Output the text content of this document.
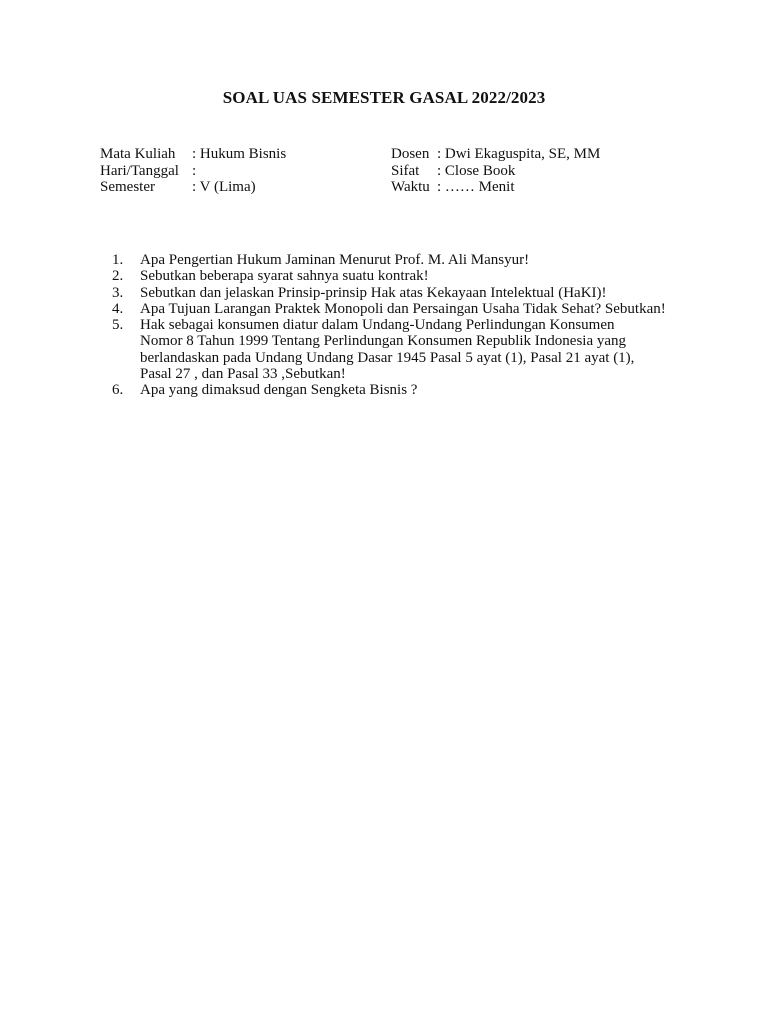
SOAL UAS SEMESTER GASAL 2022/2023
Mata Kuliah : Hukum Bisnis
Hari/Tanggal :
Semester : V (Lima)
Dosen : Dwi Ekaguspita, SE, MM
Sifat : Close Book
Waktu : …… Menit
1.	Apa Pengertian Hukum Jaminan Menurut Prof. M. Ali Mansyur!
2.	Sebutkan beberapa syarat sahnya suatu kontrak!
3.	Sebutkan dan jelaskan Prinsip-prinsip Hak atas Kekayaan Intelektual (HaKI)!
4.	Apa Tujuan Larangan Praktek Monopoli dan Persaingan Usaha Tidak Sehat? Sebutkan!
5.	Hak sebagai konsumen diatur dalam Undang-Undang Perlindungan Konsumen
Nomor 8 Tahun 1999 Tentang Perlindungan Konsumen Republik Indonesia yang
berlandaskan pada Undang Undang Dasar 1945 Pasal 5 ayat (1), Pasal 21 ayat (1),
Pasal 27 , dan Pasal 33 ,Sebutkan!
6.	Apa yang dimaksud dengan Sengketa Bisnis ?
